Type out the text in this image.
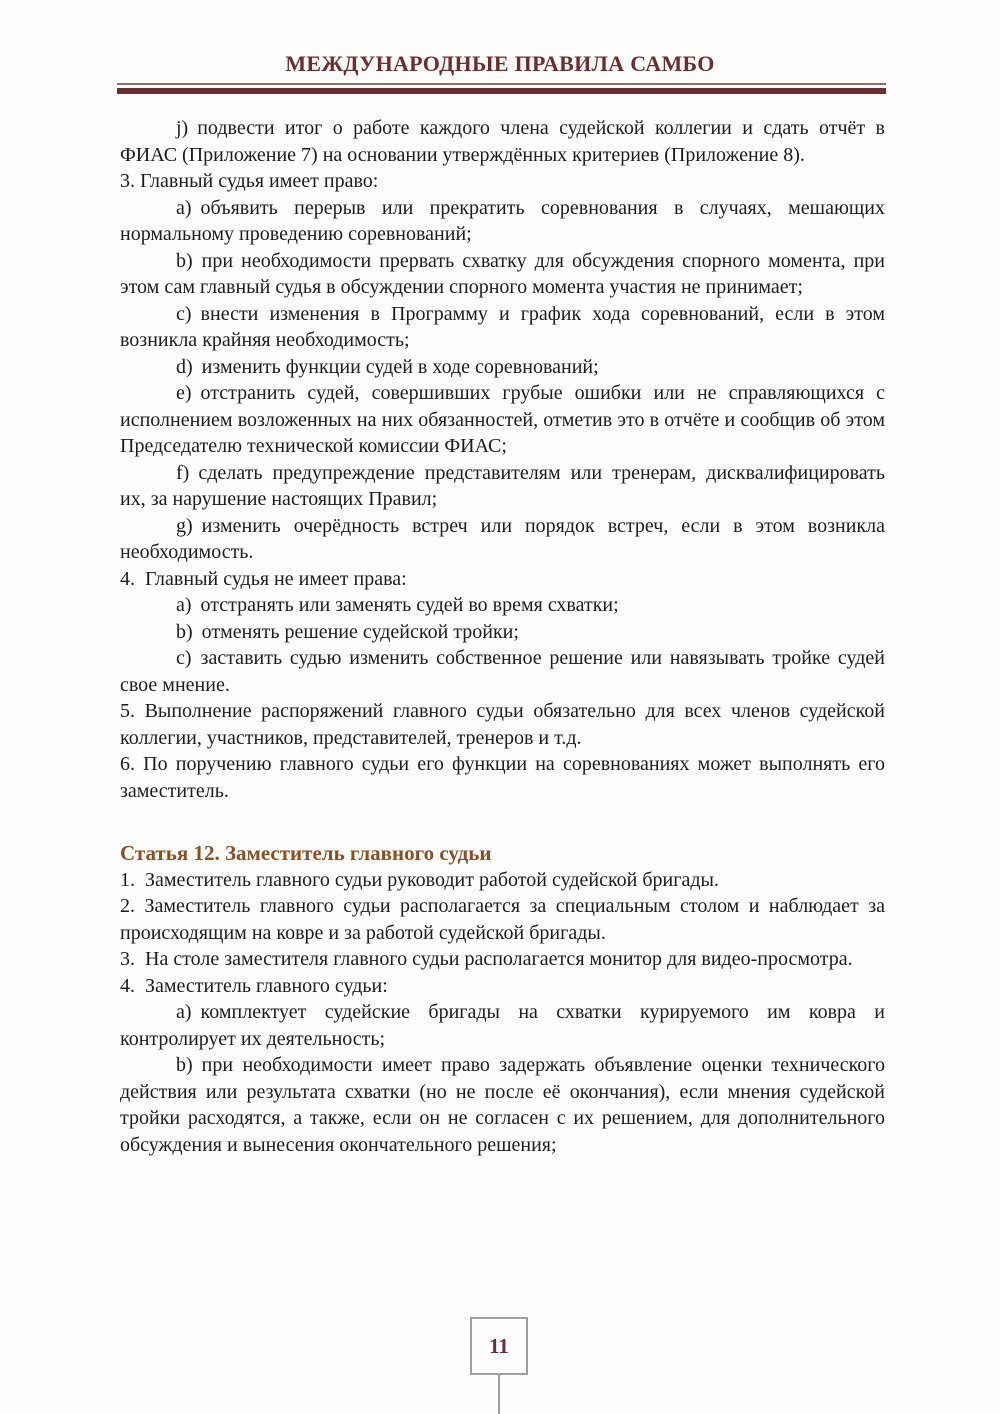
МЕЖДУНАРОДНЫЕ ПРАВИЛА САМБО

j) подвести итог о работе каждого члена судейской коллегии и сдать отчёт в ФИАС (Приложение 7) на основании утверждённых критериев (Приложение 8).

3. Главный судья имеет право:

a) объявить перерыв или прекратить соревнования в случаях, мешающих нормальному проведению соревнований;

b) при необходимости прервать схватку для обсуждения спорного момента, при этом сам главный судья в обсуждении спорного момента участия не принимает;

c) внести изменения в Программу и график хода соревнований, если в этом возникла крайняя необходимость;

d) изменить функции судей в ходе соревнований;

e) отстранить судей, совершивших грубые ошибки или не справляющихся с исполнением возложенных на них обязанностей, отметив это в отчёте и сообщив об этом Председателю технической комиссии ФИАС;

f) сделать предупреждение представителям или тренерам, дисквалифицировать их, за нарушение настоящих Правил;

g) изменить очерёдность встреч или порядок встреч, если в этом возникла необходимость.

4.  Главный судья не имеет права:

a) отстранять или заменять судей во время схватки;

b) отменять решение судейской тройки;

c) заставить судью изменить собственное решение или навязывать тройке судей свое мнение.

5. Выполнение распоряжений главного судьи обязательно для всех членов судейской коллегии, участников, представителей, тренеров и т.д.

6. По поручению главного судьи его функции на соревнованиях может выполнять его заместитель.

Статья 12. Заместитель главного судьи

1.  Заместитель главного судьи руководит работой судейской бригады.

2. Заместитель главного судьи располагается за специальным столом и наблюдает за происходящим на ковре и за работой судейской бригады.

3.  На столе заместителя главного судьи располагается монитор для видео-просмотра.

4.  Заместитель главного судьи:

a) комплектует судейские бригады на схватки курируемого им ковра и контролирует их деятельность;

b) при необходимости имеет право задержать объявление оценки технического действия или результата схватки (но не после её окончания), если мнения судейской тройки расходятся, а также, если он не согласен с их решением, для дополнительного обсуждения и вынесения окончательного решения;

11
